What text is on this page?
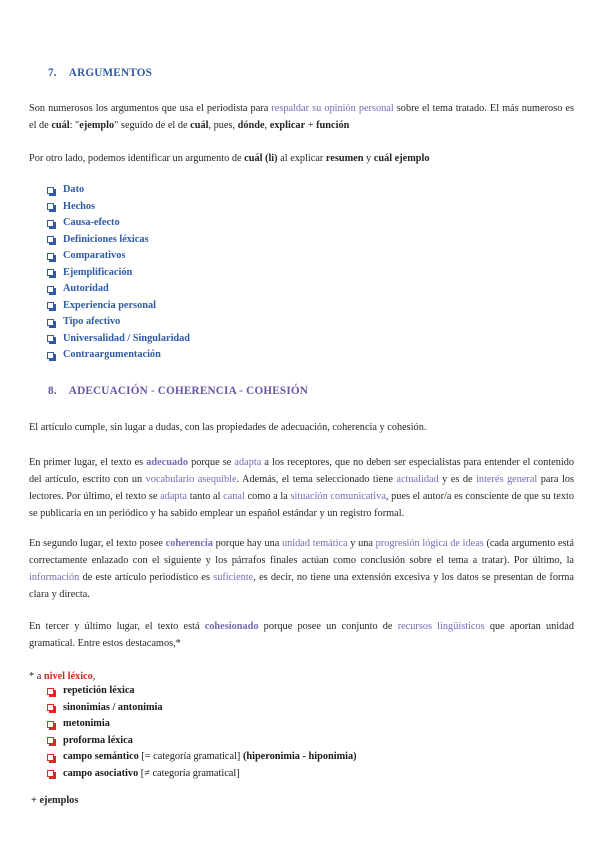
7. ARGUMENTOS
Son numerosos los argumentos que usa el periodista para respaldar su opinión personal sobre el tema tratado. El más numeroso es el de cuál: "ejemplo" seguido de el de cuál, pues, dónde, explicar + función
Por otro lado, podemos identificar un argumento de cuál (li) al explicar resumen y cuál ejemplo
Dato
Hechos
Causa-efecto
Definiciones léxicas
Comparativos
Ejemplificación
Autoridad
Experiencia personal
Tipo afectivo
Universalidad / Singularidad
Contraargumentación
8. ADECUACIÓN - COHERENCIA - COHESIÓN
El artículo cumple, sin lugar a dudas, con las propiedades de adecuación, coherencia y cohesión.
En primer lugar, el texto es adecuado porque se adapta a los receptores, que no deben ser especialistas para entender el contenido del artículo, escrito con un vocabulario asequible. Además, el tema seleccionado tiene actualidad y es de interés general para los lectores. Por último, el texto se adapta tanto al canal como a la situación comunicativa, pues el autor/a es consciente de que su texto se publicaría en un periódico y ha sabido emplear un español estándar y un registro formal.
En segundo lugar, el texto posee coherencia porque hay una unidad temática y una progresión lógica de ideas (cada argumento está correctamente enlazado con el siguiente y los párrafos finales actúan como conclusión sobre el tema a tratar). Por último, la información de este artículo periodístico es suficiente, es decir, no tiene una extensión excesiva y los datos se presentan de forma clara y directa.
En tercer y último lugar, el texto está cohesionado porque posee un conjunto de recursos lingüísticos que aportan unidad gramatical. Entre estos destacamos,*
* a nivel léxico,
repetición léxica
sinonimias / antonimia
metonimia
proforma léxica
campo semántico [= categoría gramatical] (hiperonimia - hiponimia)
campo asociativo [≠ categoría gramatical]
+ ejemplos
